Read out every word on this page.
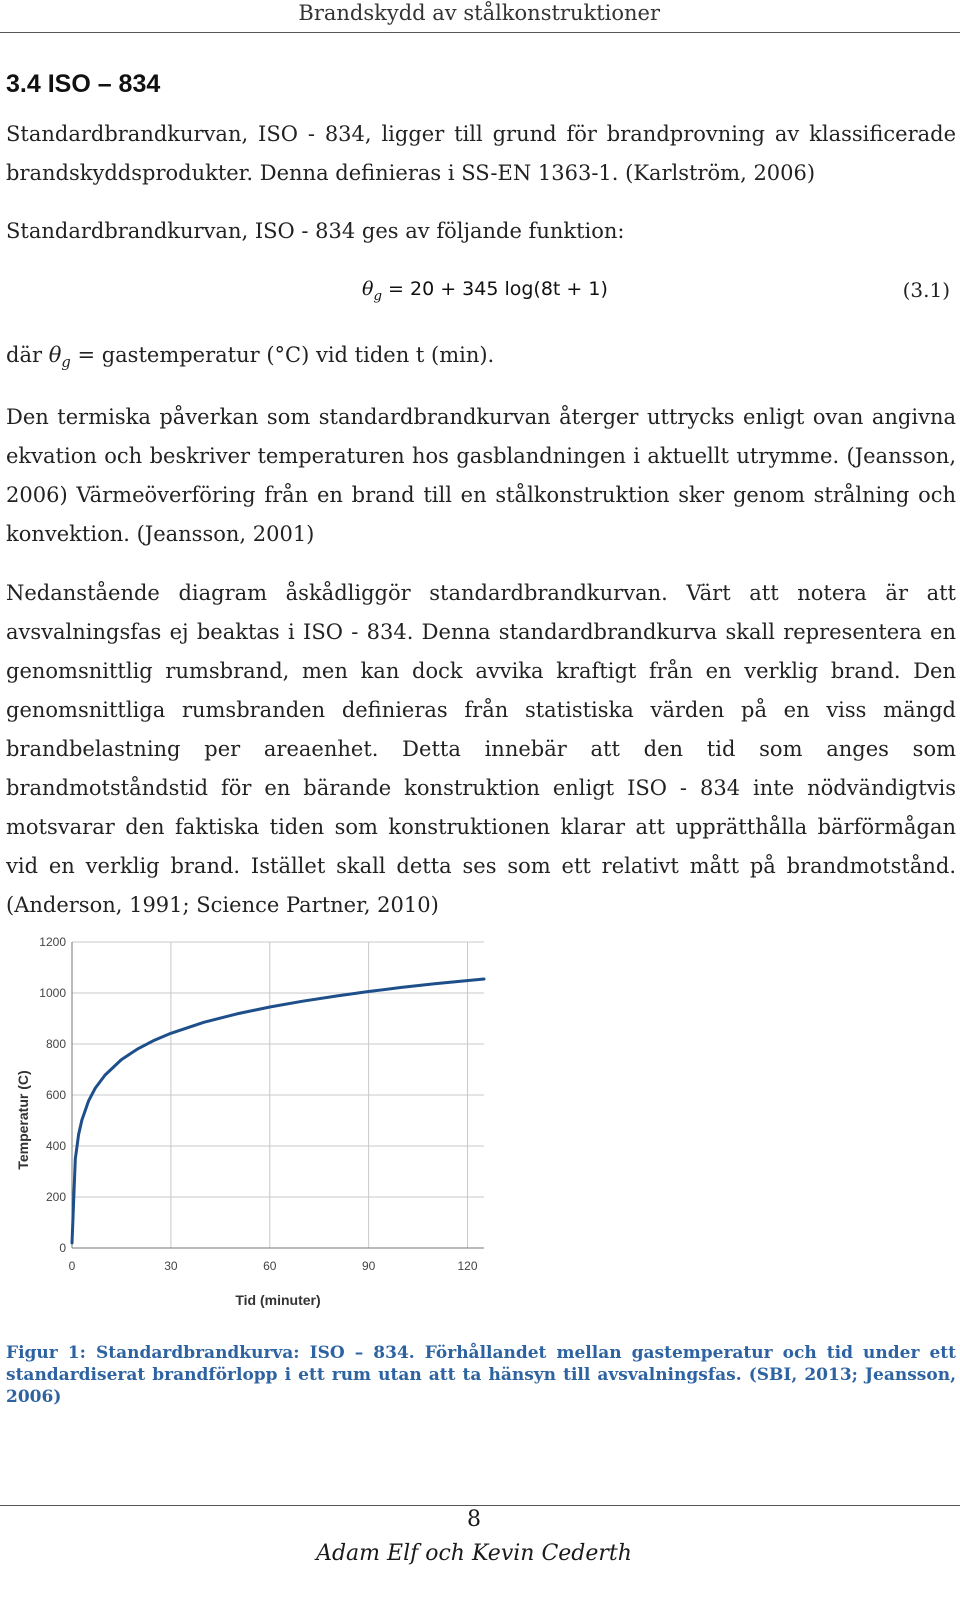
Brandskydd av stålkonstruktioner
3.4 ISO – 834

Standardbrandkurvan, ISO - 834, ligger till grund för brandprovning av klassificerade brandskyddsprodukter. Denna definieras i SS-EN 1363-1. (Karlström, 2006)

Standardbrandkurvan, ISO - 834 ges av följande funktion:

$\theta_g = 20 + 345$ log(8t + 1)	(3.1)

där $\theta_g$ = gastemperatur (°C) vid tiden t (min).

Den termiska påverkan som standardbrandkurvan återger uttrycks enligt ovan angivna ekvation och beskriver temperaturen hos gasblandningen i aktuellt utrymme. (Jeansson, 2006) Värmeöverföring från en brand till en stålkonstruktion sker genom strålning och konvektion. (Jeansson, 2001)

Nedanstående diagram åskådliggör standardbrandkurvan. Värt att notera är att avsvalningsfas ej beaktas i ISO - 834. Denna standardbrandkurva skall representera en genomsnittlig rumsbrand, men kan dock avvika kraftigt från en verklig brand. Den genomsnittliga rumsbranden definieras från statistiska värden på en viss mängd brandbelastning per areaenhet. Detta innebär att den tid som anges som brandmotståndstid för en bärande konstruktion enligt ISO - 834 inte nödvändigtvis motsvarar den faktiska tiden som konstruktionen klarar att upprätthålla bärförmågan vid en verklig brand. Istället skall detta ses som ett relativt mått på brandmotstånd. (Anderson, 1991; Science Partner, 2010)

0
200
400
600
800
1000
1200
0	30	60	90	120
Temperatur (C)
Tid (minuter)

Figur 1: Standardbrandkurva: ISO – 834. Förhållandet mellan gastemperatur och tid under ett standardiserat brandförlopp i ett rum utan att ta hänsyn till avsvalningsfas. (SBI, 2013; Jeansson, 2006)

8
Adam Elf och Kevin Cederth
